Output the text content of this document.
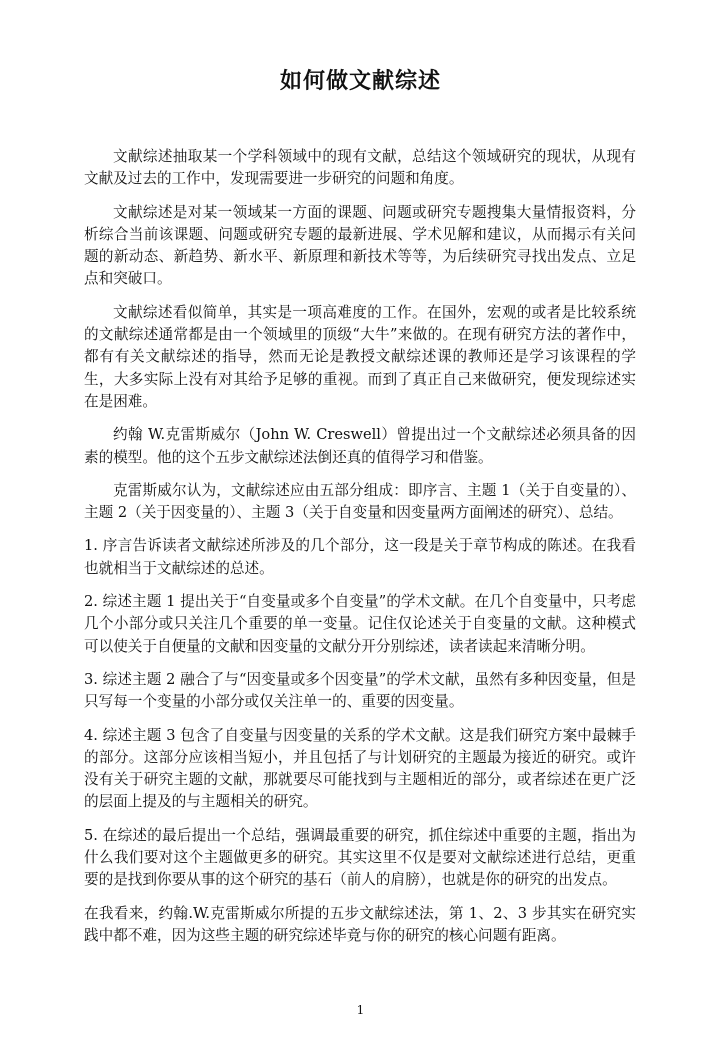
如何做文献综述

文献综述抽取某一个学科领域中的现有文献，总结这个领域研究的现状，从现有文献及过去的工作中，发现需要进一步研究的问题和角度。

文献综述是对某一领域某一方面的课题、问题或研究专题搜集大量情报资料，分析综合当前该课题、问题或研究专题的最新进展、学术见解和建议，从而揭示有关问题的新动态、新趋势、新水平、新原理和新技术等等，为后续研究寻找出发点、立足点和突破口。

文献综述看似简单，其实是一项高难度的工作。在国外，宏观的或者是比较系统的文献综述通常都是由一个领域里的顶级“大牛”来做的。在现有研究方法的著作中，都有有关文献综述的指导，然而无论是教授文献综述课的教师还是学习该课程的学生，大多实际上没有对其给予足够的重视。而到了真正自己来做研究，便发现综述实在是困难。

约翰 W.克雷斯威尔（John W. Creswell）曾提出过一个文献综述必须具备的因素的模型。他的这个五步文献综述法倒还真的值得学习和借鉴。

克雷斯威尔认为，文献综述应由五部分组成：即序言、主题 1（关于自变量的）、主题 2（关于因变量的）、主题 3（关于自变量和因变量两方面阐述的研究）、总结。

1. 序言告诉读者文献综述所涉及的几个部分，这一段是关于章节构成的陈述。在我看也就相当于文献综述的总述。

2. 综述主题 1 提出关于“自变量或多个自变量”的学术文献。在几个自变量中，只考虑几个小部分或只关注几个重要的单一变量。记住仅论述关于自变量的文献。这种模式可以使关于自便量的文献和因变量的文献分开分别综述，读者读起来清晰分明。

3. 综述主题 2 融合了与“因变量或多个因变量”的学术文献，虽然有多种因变量，但是只写每一个变量的小部分或仅关注单一的、重要的因变量。

4. 综述主题 3 包含了自变量与因变量的关系的学术文献。这是我们研究方案中最棘手的部分。这部分应该相当短小，并且包括了与计划研究的主题最为接近的研究。或许没有关于研究主题的文献，那就要尽可能找到与主题相近的部分，或者综述在更广泛的层面上提及的与主题相关的研究。

5. 在综述的最后提出一个总结，强调最重要的研究，抓住综述中重要的主题，指出为什么我们要对这个主题做更多的研究。其实这里不仅是要对文献综述进行总结，更重要的是找到你要从事的这个研究的基石（前人的肩膀），也就是你的研究的出发点。

在我看来，约翰.W.克雷斯威尔所提的五步文献综述法，第 1、2、3 步其实在研究实践中都不难，因为这些主题的研究综述毕竟与你的研究的核心问题有距离。

1
